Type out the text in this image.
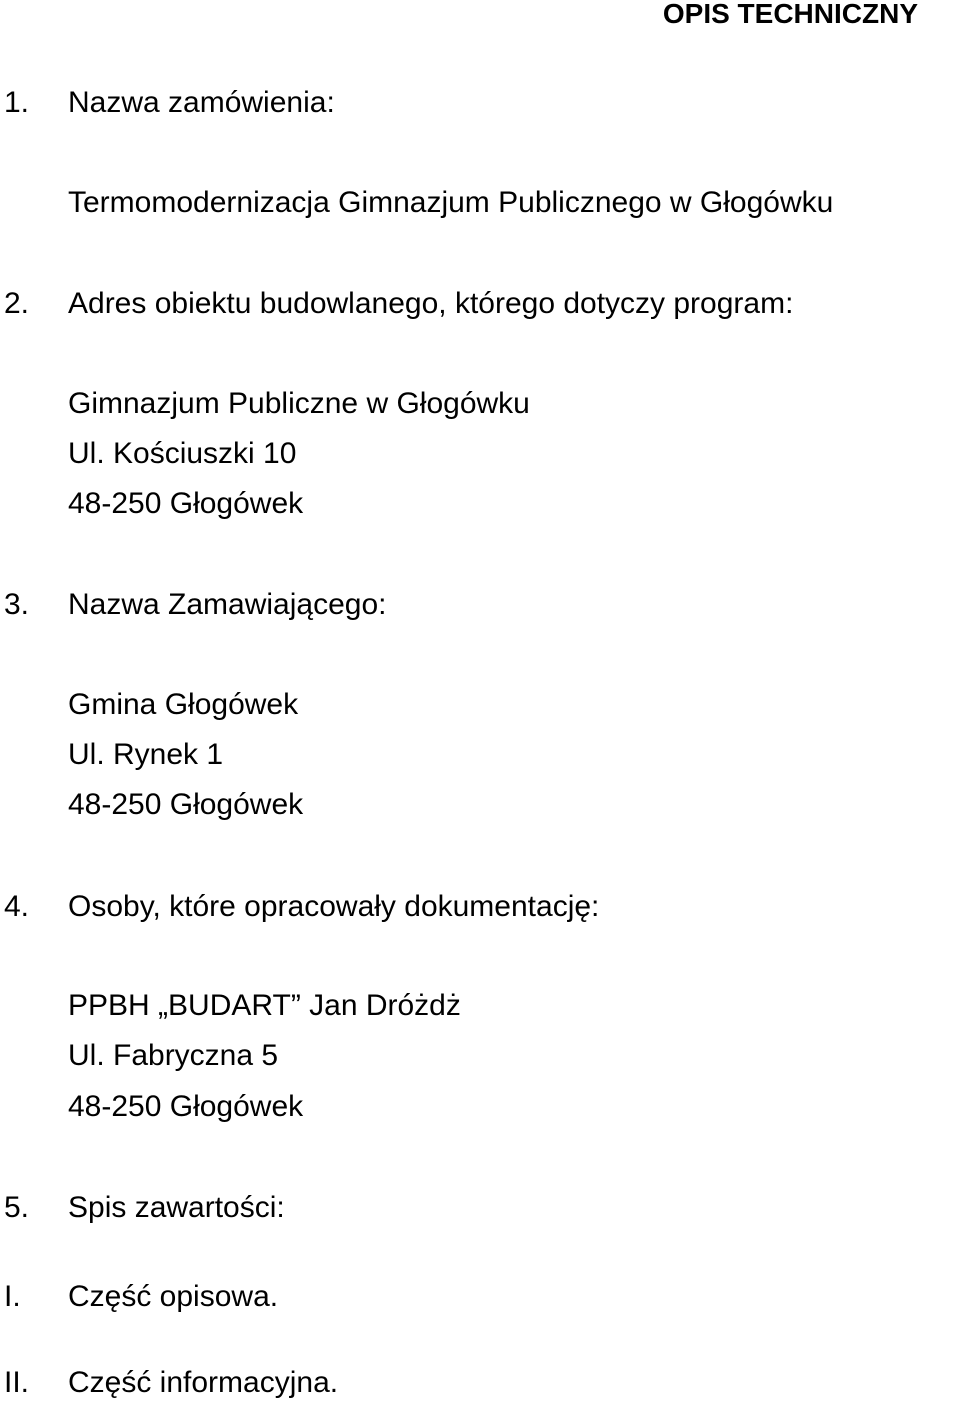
OPIS TECHNICZNY
1. Nazwa zamówienia:
Termomodernizacja Gimnazjum Publicznego w Głogówku
2. Adres obiektu budowlanego, którego dotyczy program:
Gimnazjum Publiczne w Głogówku
Ul. Kościuszki 10
48-250 Głogówek
3. Nazwa Zamawiającego:
Gmina Głogówek
Ul. Rynek 1
48-250 Głogówek
4. Osoby, które opracowały dokumentację:
PPBH „BUDART” Jan Dróżdż
Ul. Fabryczna 5
48-250 Głogówek
5. Spis zawartości:
I. Część opisowa.
II. Część informacyjna.
